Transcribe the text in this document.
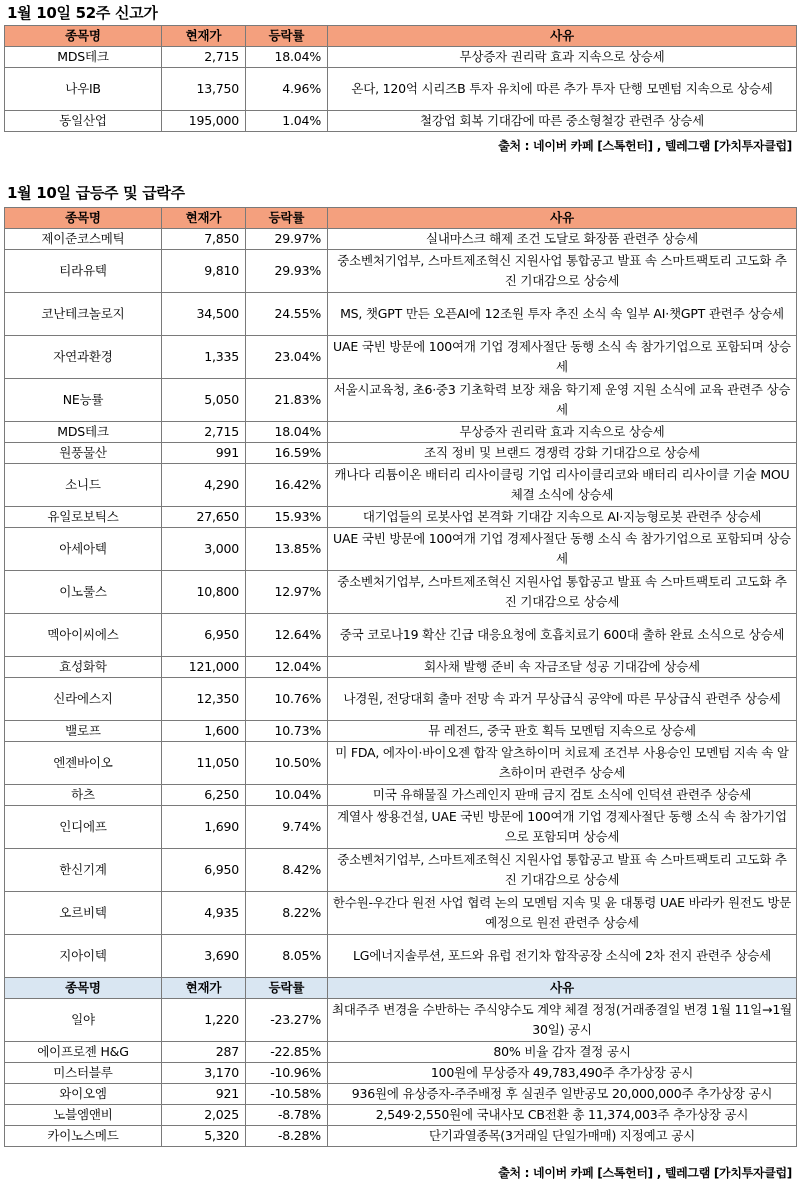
1월 10일 52주 신고가
종목명	현재가	등락률	사유
MDS테크	2,715	18.04%	무상증자 권리락 효과 지속으로 상승세
나우IB	13,750	4.96%	온다, 120억 시리즈B 투자 유치에 따른 추가 투자 단행 모멘텀 지속으로 상승세
동일산업	195,000	1.04%	철강업 회복 기대감에 따른 중소형철강 관련주 상승세
출처 : 네이버 카페 [스톡헌터] , 텔레그램 [가치투자클럽]
1월 10일 급등주 및 급락주
종목명	현재가	등락률	사유
제이준코스메틱	7,850	29.97%	실내마스크 해제 조건 도달로 화장품 관련주 상승세
티라유텍	9,810	29.93%	중소벤처기업부, 스마트제조혁신 지원사업 통합공고 발표 속 스마트팩토리 고도화 추진 기대감으로 상승세
코난테크놀로지	34,500	24.55%	MS, 챗GPT 만든 오픈AI에 12조원 투자 추진 소식 속 일부 AI·챗GPT 관련주 상승세
자연과환경	1,335	23.04%	UAE 국빈 방문에 100여개 기업 경제사절단 동행 소식 속 참가기업으로 포함되며 상승세
NE능률	5,050	21.83%	서울시교육청, 초6·중3 기초학력 보장 채움 학기제 운영 지원 소식에 교육 관련주 상승세
MDS테크	2,715	18.04%	무상증자 권리락 효과 지속으로 상승세
원풍물산	991	16.59%	조직 정비 및 브랜드 경쟁력 강화 기대감으로 상승세
소니드	4,290	16.42%	캐나다 리튬이온 배터리 리사이클링 기업 리사이클리코와 배터리 리사이클 기술 MOU 체결 소식에 상승세
유일로보틱스	27,650	15.93%	대기업들의 로봇사업 본격화 기대감 지속으로 AI·지능형로봇 관련주 상승세
아세아텍	3,000	13.85%	UAE 국빈 방문에 100여개 기업 경제사절단 동행 소식 속 참가기업으로 포함되며 상승세
이노룰스	10,800	12.97%	중소벤처기업부, 스마트제조혁신 지원사업 통합공고 발표 속 스마트팩토리 고도화 추진 기대감으로 상승세
멕아이씨에스	6,950	12.64%	중국 코로나19 확산 긴급 대응요청에 호흡치료기 600대 출하 완료 소식으로 상승세
효성화학	121,000	12.04%	회사채 발행 준비 속 자금조달 성공 기대감에 상승세
신라에스지	12,350	10.76%	나경원, 전당대회 출마 전망 속 과거 무상급식 공약에 따른 무상급식 관련주 상승세
밸로프	1,600	10.73%	뮤 레전드, 중국 판호 획득 모멘텀 지속으로 상승세
엔젠바이오	11,050	10.50%	미 FDA, 에자이·바이오젠 합작 알츠하이머 치료제 조건부 사용승인 모멘텀 지속 속 알츠하이머 관련주 상승세
하츠	6,250	10.04%	미국 유해물질 가스레인지 판매 금지 검토 소식에 인덕션 관련주 상승세
인디에프	1,690	9.74%	계열사 쌍용건설, UAE 국빈 방문에 100여개 기업 경제사절단 동행 소식 속 참가기업으로 포함되며 상승세
한신기계	6,950	8.42%	중소벤처기업부, 스마트제조혁신 지원사업 통합공고 발표 속 스마트팩토리 고도화 추진 기대감으로 상승세
오르비텍	4,935	8.22%	한수원-우간다 원전 사업 협력 논의 모멘텀 지속 및 윤 대통령 UAE 바라카 원전도 방문 예정으로 원전 관련주 상승세
지아이텍	3,690	8.05%	LG에너지솔루션, 포드와 유럽 전기차 합작공장 소식에 2차 전지 관련주 상승세
종목명	현재가	등락률	사유
일야	1,220	-23.27%	최대주주 변경을 수반하는 주식양수도 계약 체결 정정(거래종결일 변경 1월 11일→1월 30일) 공시
에이프로젠 H&G	287	-22.85%	80% 비율 감자 결정 공시
미스터블루	3,170	-10.96%	100원에 무상증자 49,783,490주 추가상장 공시
와이오엠	921	-10.58%	936원에 유상증자-주주배정 후 실권주 일반공모 20,000,000주 추가상장 공시
노블엠앤비	2,025	-8.78%	2,549·2,550원에 국내사모 CB전환 총 11,374,003주 추가상장 공시
카이노스메드	5,320	-8.28%	단기과열종목(3거래일 단일가매매) 지정예고 공시
출처 : 네이버 카페 [스톡헌터] , 텔레그램 [가치투자클럽]
